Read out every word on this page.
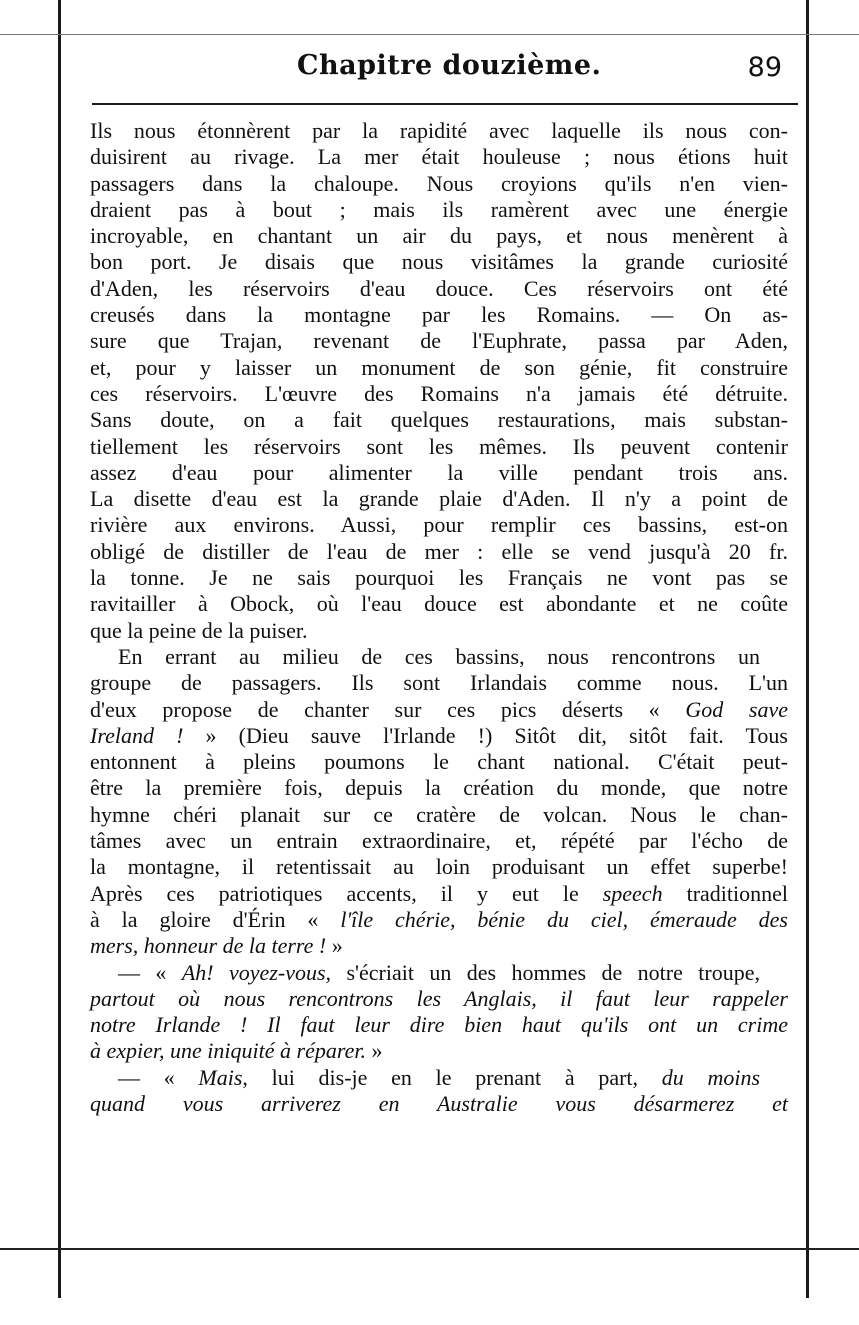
Chapitre douzième.	89
Ils nous étonnèrent par la rapidité avec laquelle ils nous con-
duisirent au rivage. La mer était houleuse ; nous étions huit
passagers dans la chaloupe. Nous croyions qu'ils n'en vien-
draient pas à bout ; mais ils ramèrent avec une énergie
incroyable, en chantant un air du pays, et nous menèrent à
bon port. Je disais que nous visitâmes la grande curiosité
d'Aden, les réservoirs d'eau douce. Ces réservoirs ont été
creusés dans la montagne par les Romains. — On as-
sure que Trajan, revenant de l'Euphrate, passa par Aden,
et, pour y laisser un monument de son génie, fit construire
ces réservoirs. L'œuvre des Romains n'a jamais été détruite.
Sans doute, on a fait quelques restaurations, mais substan-
tiellement les réservoirs sont les mêmes. Ils peuvent contenir
assez d'eau pour alimenter la ville pendant trois ans.
La disette d'eau est la grande plaie d'Aden. Il n'y a point de
rivière aux environs. Aussi, pour remplir ces bassins, est-on
obligé de distiller de l'eau de mer : elle se vend jusqu'à 20 fr.
la tonne. Je ne sais pourquoi les Français ne vont pas se
ravitailler à Obock, où l'eau douce est abondante et ne coûte
que la peine de la puiser.
En errant au milieu de ces bassins, nous rencontrons un
groupe de passagers. Ils sont Irlandais comme nous. L'un
d'eux propose de chanter sur ces pics déserts « God save
Ireland ! » (Dieu sauve l'Irlande !) Sitôt dit, sitôt fait. Tous
entonnent à pleins poumons le chant national. C'était peut-
être la première fois, depuis la création du monde, que notre
hymne chéri planait sur ce cratère de volcan. Nous le chan-
tâmes avec un entrain extraordinaire, et, répété par l'écho de
la montagne, il retentissait au loin produisant un effet superbe!
Après ces patriotiques accents, il y eut le speech traditionnel
à la gloire d'Érin « l'île chérie, bénie du ciel, émeraude des
mers, honneur de la terre ! »
— « Ah! voyez-vous, s'écriait un des hommes de notre troupe,
partout où nous rencontrons les Anglais, il faut leur rappeler
notre Irlande ! Il faut leur dire bien haut qu'ils ont un crime
à expier, une iniquité à réparer. »
— « Mais, lui dis-je en le prenant à part, du moins
quand vous arriverez en Australie vous désarmerez et
